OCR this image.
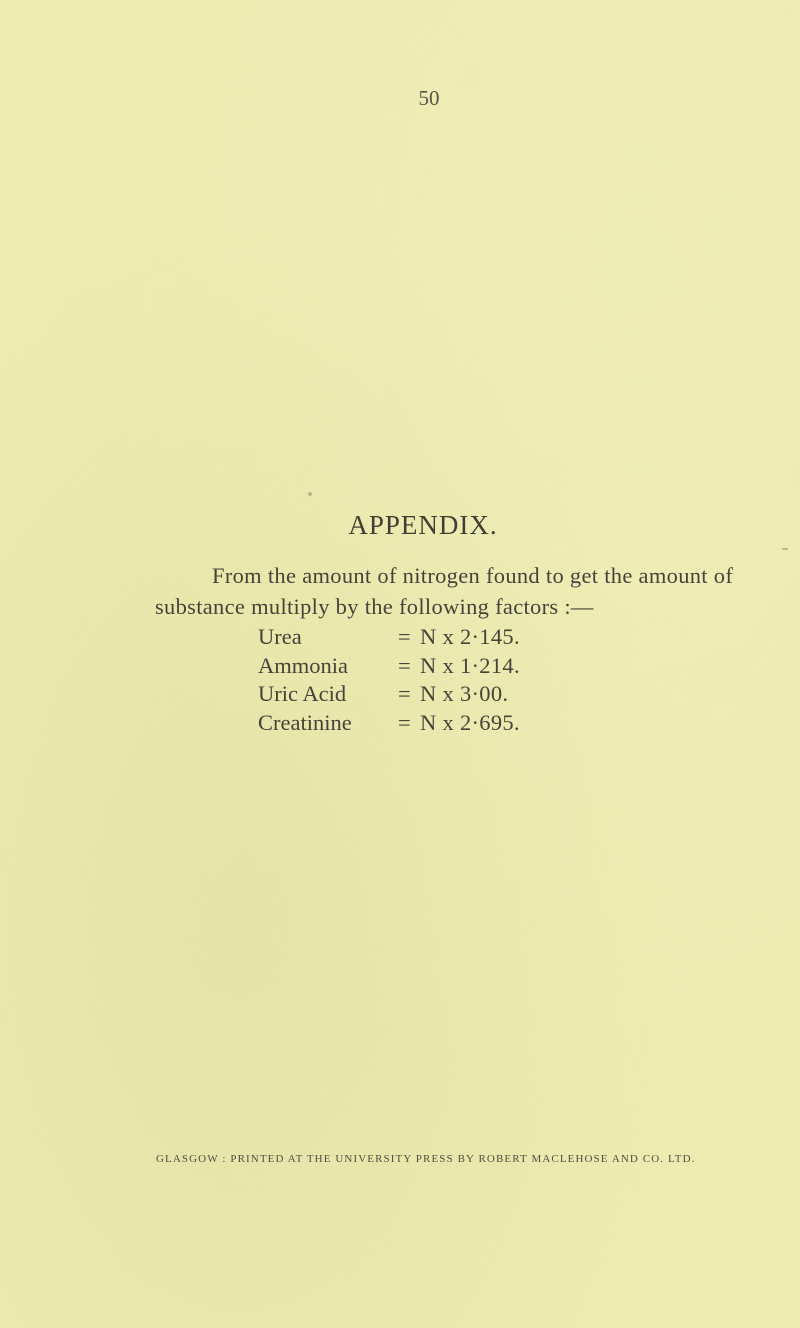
50
APPENDIX.
From the amount of nitrogen found to get the amount of
substance multiply by the following factors :—
Urea	= N x 2·145.
Ammonia	= N x 1·214.
Uric Acid	= N x 3·00.
Creatinine	= N x 2·695.
GLASGOW : PRINTED AT THE UNIVERSITY PRESS BY ROBERT MACLEHOSE AND CO. LTD.
